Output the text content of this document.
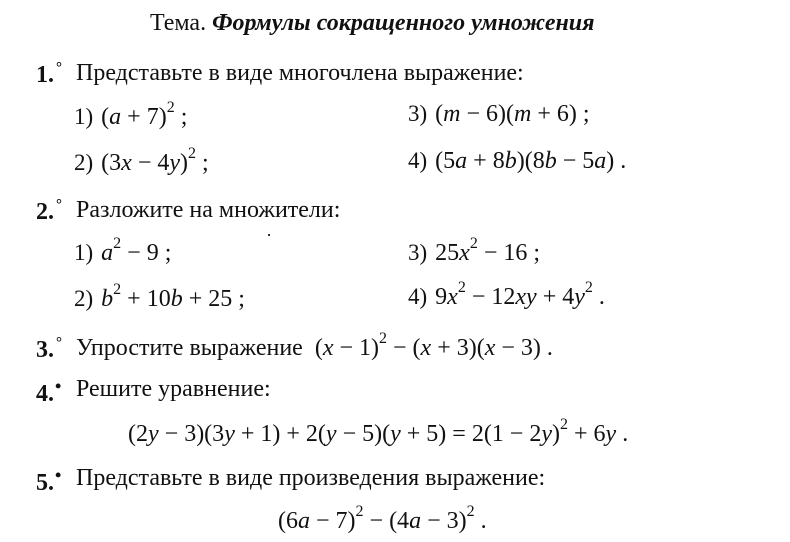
Тема. Формулы сокращенного умножения
1. ° Представьте в виде многочлена выражение:
1) $(a + 7)^2$ ;	3) (m − 6)(m + 6) ;
2) $(3x - 4y)^2$ ;	4) (5a + 8b)(8b − 5a) .
2. ° Разложите на множители:
1) $a^2 - 9$ ;	3) $25x^2 - 16$ ;
2) $b^2 + 10b + 25$ ;	4) $9x^2 - 12xy + 4y^2$ .
3. ° Упростите выражение $(x - 1)^2 - (x + 3)(x - 3)$ .
4.• Решите уравнение:
$(2y - 3)(3y + 1) + 2(y - 5)(y + 5) = 2(1 - 2y)^2 + 6y$ .
5.• Представьте в виде произведения выражение:
$(6a - 7)^2 - (4a - 3)^2$ .
